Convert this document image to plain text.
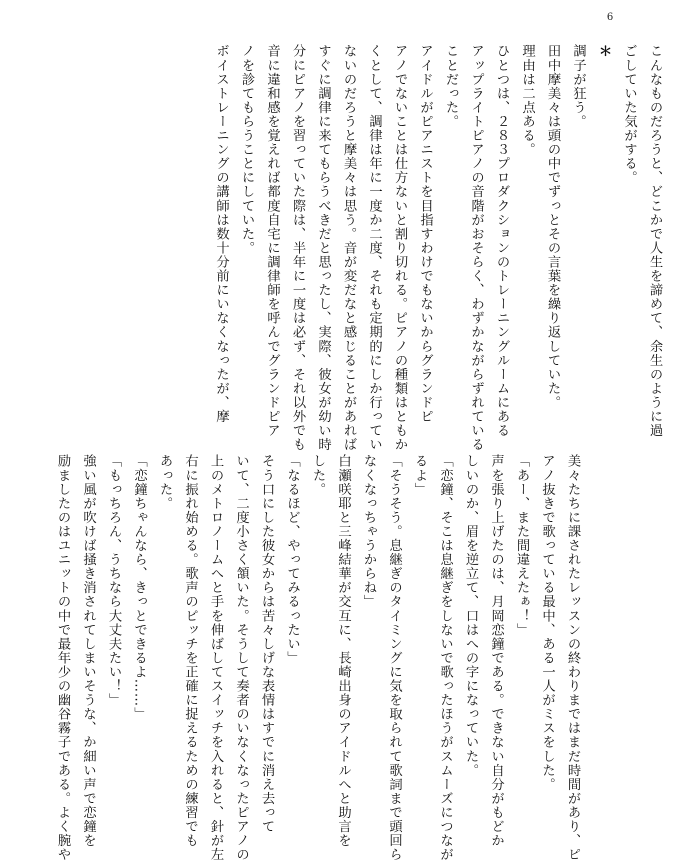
6

こんなものだろうと、どこかで人生を諦めて、余生のように過

ごしていた気がする。

＊

調子が狂う。

田中摩美々は頭の中でずっとその言葉を繰り返していた。

理由は二点ある。

ひとつは、２８３プロダクションのトレーニングルームにある

アップライトピアノの音階がおそらく、わずかながらずれている

ことだった。

アイドルがピアニストを目指すわけでもないからグランドピ

アノでないことは仕方ないと割り切れる。ピアノの種類はともか

くとして、調律は年に一度か二度、それも定期的にしか行ってい

ないのだろうと摩美々は思う。音が変だなと感じることがあれば

すぐに調律に来てもらうべきだと思ったし、実際、彼女が幼い時

分にピアノを習っていた際は、半年に一度は必ず、それ以外でも

音に違和感を覚えれば都度自宅に調律師を呼んでグランドピア

ノを診てもらうことにしていた。

ボイストレーニングの講師は数十分前にいなくなったが、摩

美々たちに課されたレッスンの終わりまではまだ時間があり、ピ

アノ抜きで歌っている最中、ある一人がミスをした。

「あー、また間違えたぁ！」

声を張り上げたのは、月岡恋鐘である。できない自分がもどか

しいのか、眉を逆立て、口はへの字になっていた。

「恋鐘、そこは息継ぎをしないで歌ったほうがスムーズにつなが

るよ」

「そうそう。息継ぎのタイミングに気を取られて歌詞まで頭回ら

なくなっちゃうからね」

白瀬咲耶と三峰結華が交互に、長崎出身のアイドルへと助言を

した。

「なるほど、やってみるったい」

そう口にした彼女からは苦々しげな表情はすでに消え去って

いて、二度小さく頷いた。そうして奏者のいなくなったピアノの

上のメトロノームへと手を伸ばしてスイッチを入れると、針が左

右に振れ始める。歌声のピッチを正確に捉えるための練習でも

あった。

「恋鐘ちゃんなら、きっとできるよ……」

「もっちろん、うちなら大丈夫たい！」

強い風が吹けば掻き消されてしまいそうな、か細い声で恋鐘を

励ましたのはユニットの中で最年少の幽谷霧子である。よく腕や
